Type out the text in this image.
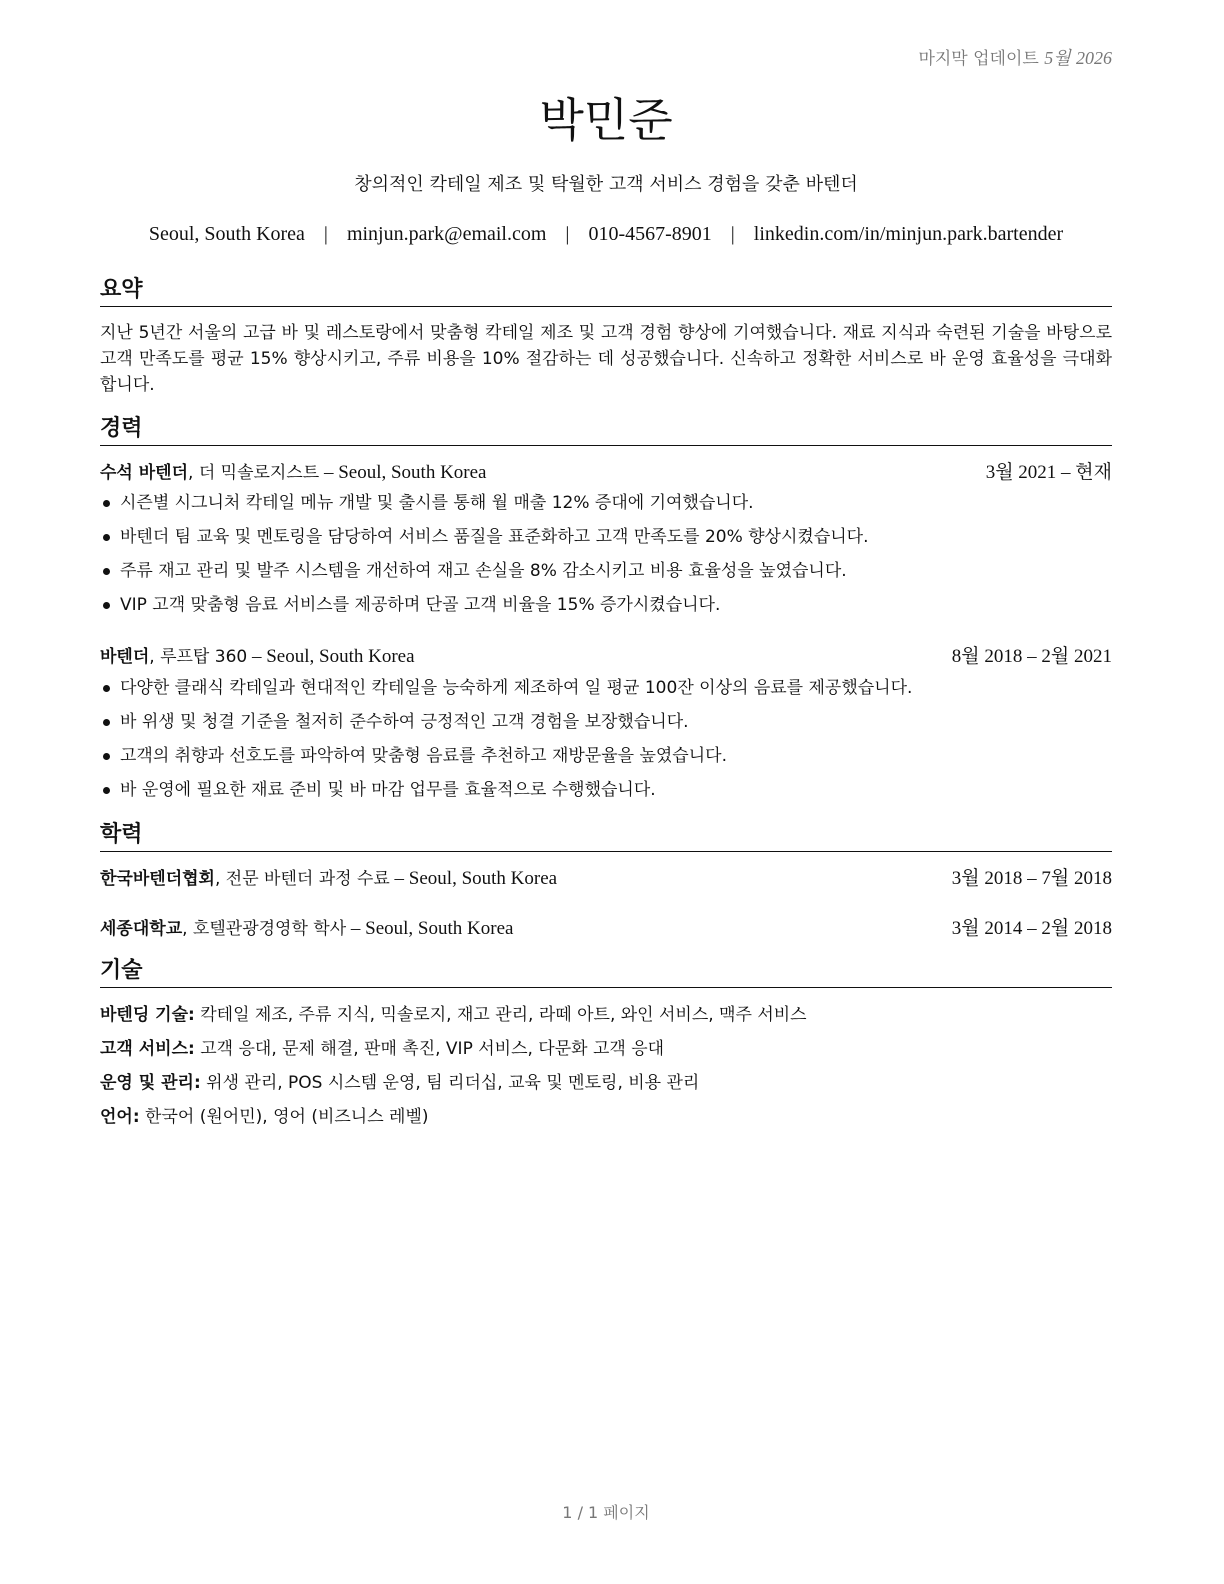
마지막 업데이트 5월 2026
박민준

창의적인 칵테일 제조 및 탁월한 고객 서비스 경험을 갖춘 바텐더

Seoul, South Korea | minjun.park@email.com | 010-4567-8901 | linkedin.com/in/minjun.park.bartender
요약

지난 5년간 서울의 고급 바 및 레스토랑에서 맞춤형 칵테일 제조 및 고객 경험 향상에 기여했습니다. 재료 지식과 숙련된 기술을 바탕으로 고객 만족도를 평균 15% 향상시키고, 주류 비용을 10% 절감하는 데 성공했습니다. 신속하고 정확한 서비스로 바 운영 효율성을 극대화합니다.

경력
수석 바텐더, 더 믹솔로지스트 – Seoul, South Korea	3월 2021 – 현재
시즌별 시그니처 칵테일 메뉴 개발 및 출시를 통해 월 매출 12% 증대에 기여했습니다.
바텐더 팀 교육 및 멘토링을 담당하여 서비스 품질을 표준화하고 고객 만족도를 20% 향상시켰습니다.
주류 재고 관리 및 발주 시스템을 개선하여 재고 손실을 8% 감소시키고 비용 효율성을 높였습니다.
VIP 고객 맞춤형 음료 서비스를 제공하며 단골 고객 비율을 15% 증가시켰습니다.
바텐더, 루프탑 360 – Seoul, South Korea	8월 2018 – 2월 2021
다양한 클래식 칵테일과 현대적인 칵테일을 능숙하게 제조하여 일 평균 100잔 이상의 음료를 제공했습니다.
바 위생 및 청결 기준을 철저히 준수하여 긍정적인 고객 경험을 보장했습니다.
고객의 취향과 선호도를 파악하여 맞춤형 음료를 추천하고 재방문율을 높였습니다.
바 운영에 필요한 재료 준비 및 바 마감 업무를 효율적으로 수행했습니다.
학력
한국바텐더협회, 전문 바텐더 과정 수료 – Seoul, South Korea	3월 2018 – 7월 2018
세종대학교, 호텔관광경영학 학사 – Seoul, South Korea	3월 2014 – 2월 2018
기술
바텐딩 기술: 칵테일 제조, 주류 지식, 믹솔로지, 재고 관리, 라떼 아트, 와인 서비스, 맥주 서비스
고객 서비스: 고객 응대, 문제 해결, 판매 촉진, VIP 서비스, 다문화 고객 응대
운영 및 관리: 위생 관리, POS 시스템 운영, 팀 리더십, 교육 및 멘토링, 비용 관리
언어: 한국어 (원어민), 영어 (비즈니스 레벨)
1 / 1 페이지
